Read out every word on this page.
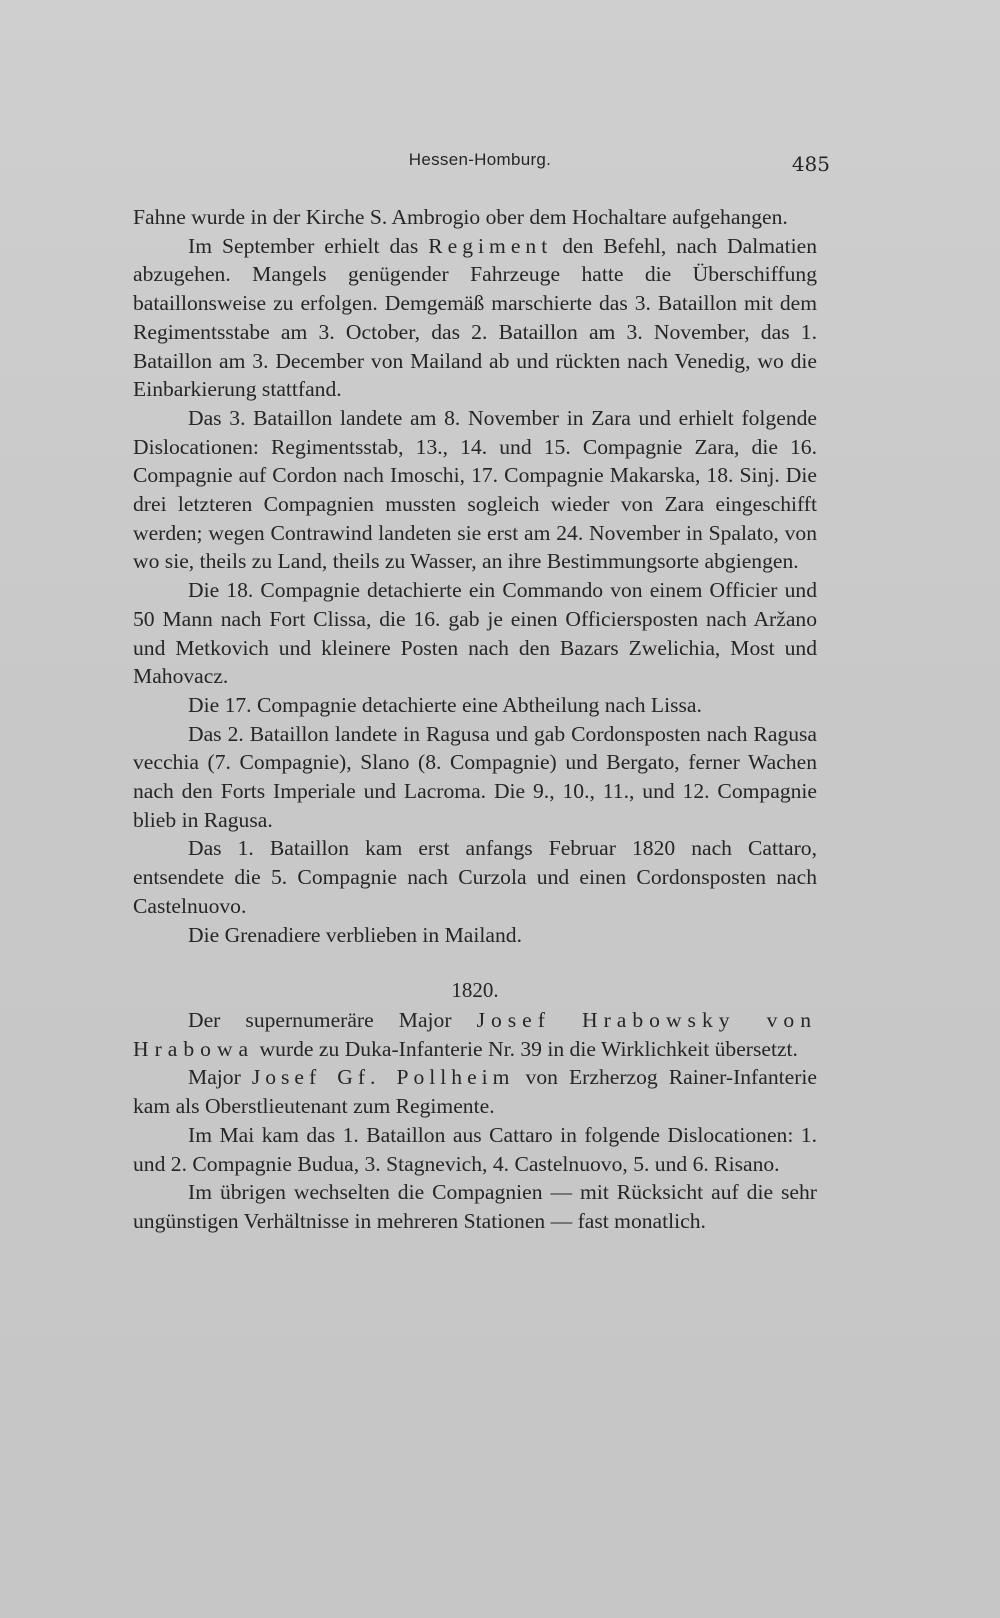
Hessen-Homburg.	485

Fahne wurde in der Kirche S. Ambrogio ober dem Hochaltare aufgehangen.

Im September erhielt das Regiment den Befehl, nach Dalmatien abzugehen. Mangels genügender Fahrzeuge hatte die Überschiffung bataillonsweise zu erfolgen. Demgemäß marschierte das 3. Bataillon mit dem Regimentsstabe am 3. October, das 2. Bataillon am 3. November, das 1. Bataillon am 3. December von Mailand ab und rückten nach Venedig, wo die Einbarkierung stattfand.

Das 3. Bataillon landete am 8. November in Zara und erhielt folgende Dislocationen: Regimentsstab, 13., 14. und 15. Compagnie Zara, die 16. Compagnie auf Cordon nach Imoschi, 17. Compagnie Makarska, 18. Sinj. Die drei letzteren Compagnien mussten sogleich wieder von Zara eingeschifft werden; wegen Contrawind landeten sie erst am 24. November in Spalato, von wo sie, theils zu Land, theils zu Wasser, an ihre Bestimmungsorte abgiengen.

Die 18. Compagnie detachierte ein Commando von einem Officier und 50 Mann nach Fort Clissa, die 16. gab je einen Officiersposten nach Aržano und Metkovich und kleinere Posten nach den Bazars Zwelichia, Most und Mahovacz.

Die 17. Compagnie detachierte eine Abtheilung nach Lissa.

Das 2. Bataillon landete in Ragusa und gab Cordonsposten nach Ragusa vecchia (7. Compagnie), Slano (8. Compagnie) und Bergato, ferner Wachen nach den Forts Imperiale und Lacroma. Die 9., 10., 11., und 12. Compagnie blieb in Ragusa.

Das 1. Bataillon kam erst anfangs Februar 1820 nach Cattaro, entsendete die 5. Compagnie nach Curzola und einen Cordonsposten nach Castelnuovo.

Die Grenadiere verblieben in Mailand.

1820.

Der supernumeräre Major Josef Hrabowsky von Hrabowa wurde zu Duka-Infanterie Nr. 39 in die Wirklichkeit übersetzt.

Major Josef Gf. Pollheim von Erzherzog Rainer-Infanterie kam als Oberstlieutenant zum Regimente.

Im Mai kam das 1. Bataillon aus Cattaro in folgende Dislocationen: 1. und 2. Compagnie Budua, 3. Stagnevich, 4. Castelnuovo, 5. und 6. Risano.

Im übrigen wechselten die Compagnien — mit Rücksicht auf die sehr ungünstigen Verhältnisse in mehreren Stationen — fast monatlich.
